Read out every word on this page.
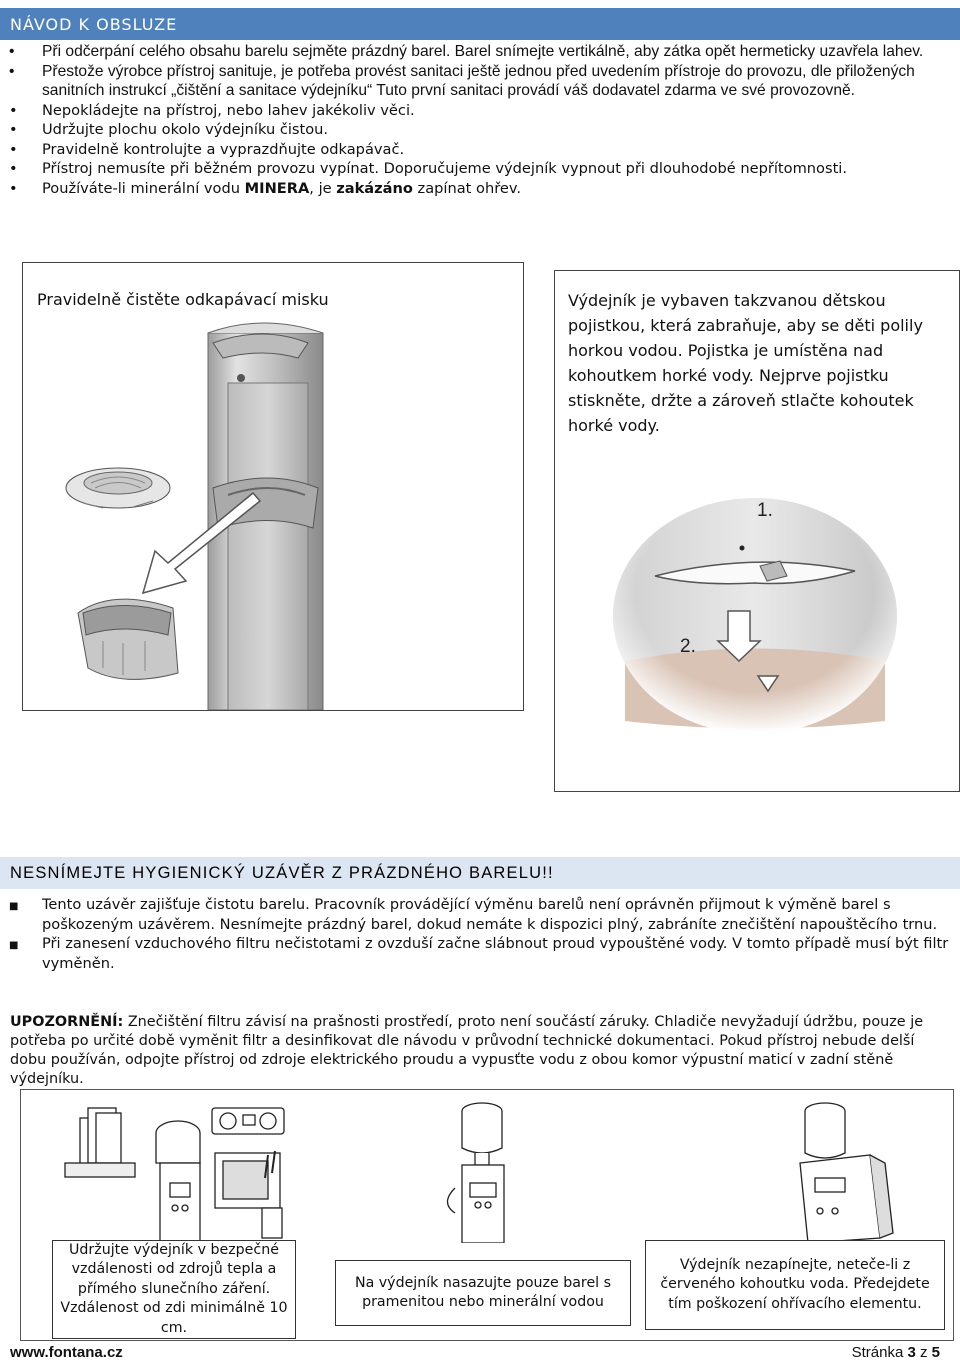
NÁVOD K OBSLUZE
• Při odčerpání celého obsahu barelu sejměte prázdný barel. Barel snímejte vertikálně, aby zátka opět hermeticky uzavřela lahev.
• Přestože výrobce přístroj sanituje, je potřeba provést sanitaci ještě jednou před uvedením přístroje do provozu, dle přiložených sanitních instrukcí „čištění a sanitace výdejníku“ Tuto první sanitaci provádí váš dodavatel zdarma ve své provozovně.
• Nepokládejte na přístroj, nebo lahev jakékoliv věci.
• Udržujte plochu okolo výdejníku čistou.
• Pravidelně kontrolujte a vyprazdňujte odkapávač.
• Přístroj nemusíte při běžném provozu vypínat. Doporučujeme výdejník vypnout při dlouhodobé nepřítomnosti.
• Používáte-li minerální vodu MINERA, je zakázáno zapínat ohřev.
Pravidelně čistěte odkapávací misku	Výdejník je vybaven takzvanou dětskou pojistkou, která zabraňuje, aby se děti polily horkou vodou. Pojistka je umístěna nad kohoutkem horké vody. Nejprve pojistku stiskněte, držte a zároveň stlačte kohoutek horké vody.
1.
2.
NESNÍMEJTE HYGIENICKÝ UZÁVĚR Z PRÁZDNÉHO BARELU!!
■ Tento uzávěr zajišťuje čistotu barelu. Pracovník provádějící výměnu barelů není oprávněn přijmout k výměně barel s poškozeným uzávěrem. Nesnímejte prázdný barel, dokud nemáte k dispozici plný, zabráníte znečištění napouštěcího trnu.
■ Při zanesení vzduchového filtru nečistotami z ovzduší začne slábnout proud vypouštěné vody. V tomto případě musí být filtr vyměněn.
UPOZORNĚNÍ: Znečištění filtru závisí na prašnosti prostředí, proto není součástí záruky. Chladiče nevyžadují údržbu, pouze je potřeba po určité době vyměnit filtr a desinfikovat dle návodu v průvodní technické dokumentaci. Pokud přístroj nebude delší dobu používán, odpojte přístroj od zdroje elektrického proudu a vypusťte vodu z obou komor výpustní maticí v zadní stěně výdejníku.
Udržujte výdejník v bezpečné vzdálenosti od zdrojů tepla a přímého slunečního záření. Vzdálenost od zdi minimálně 10 cm.
Na výdejník nasazujte pouze barel s pramenitou nebo minerální vodou
Výdejník nezapínejte, neteče-li z červeného kohoutku voda. Předejdete tím poškození ohřívacího elementu.
www.fontana.cz	Stránka 3 z 5
